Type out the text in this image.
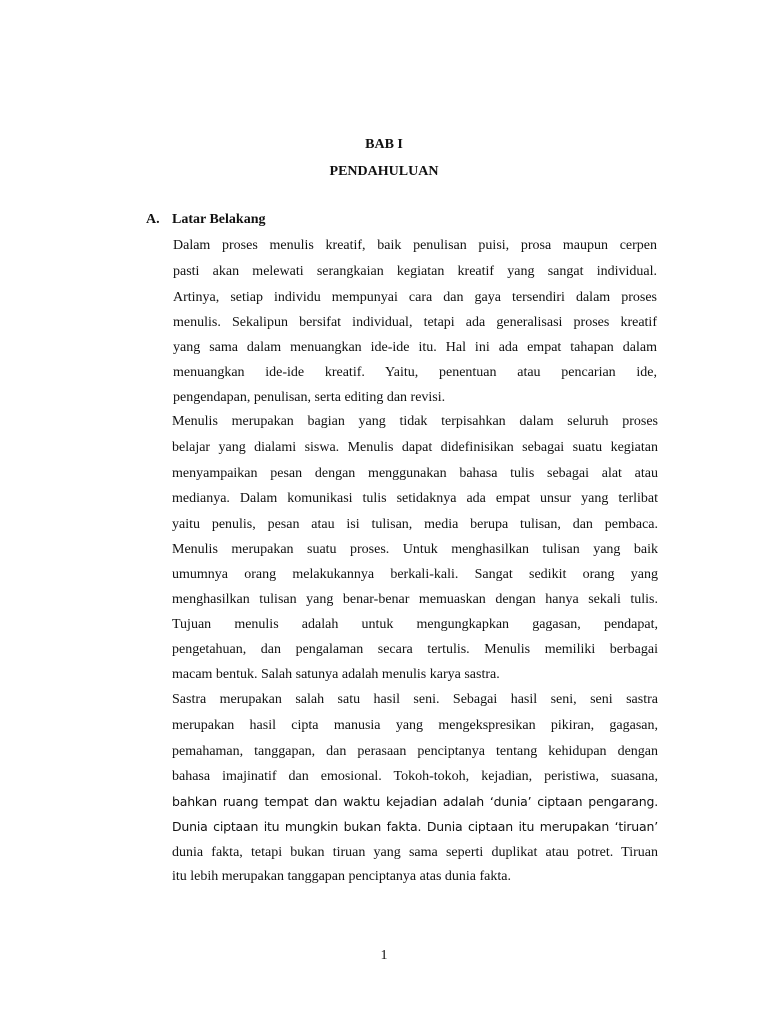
BAB I
PENDAHULUAN
A. Latar Belakang

Dalam proses menulis kreatif, baik penulisan puisi, prosa maupun cerpen

pasti akan melewati serangkaian kegiatan kreatif yang sangat individual.

Artinya, setiap individu mempunyai cara dan gaya tersendiri dalam proses

menulis. Sekalipun bersifat individual, tetapi ada generalisasi proses kreatif

yang sama dalam menuangkan ide-ide itu. Hal ini ada empat tahapan dalam

menuangkan ide-ide kreatif. Yaitu, penentuan atau pencarian ide,

pengendapan, penulisan, serta editing dan revisi.

Menulis merupakan bagian yang tidak terpisahkan dalam seluruh proses

belajar yang dialami siswa. Menulis dapat didefinisikan sebagai suatu kegiatan

menyampaikan pesan dengan menggunakan bahasa tulis sebagai alat atau

medianya. Dalam komunikasi tulis setidaknya ada empat unsur yang terlibat

yaitu penulis, pesan atau isi tulisan, media berupa tulisan, dan pembaca.

Menulis merupakan suatu proses. Untuk menghasilkan tulisan yang baik

umumnya orang melakukannya berkali-kali. Sangat sedikit orang yang

menghasilkan tulisan yang benar-benar memuaskan dengan hanya sekali tulis.

Tujuan menulis adalah untuk mengungkapkan gagasan, pendapat,

pengetahuan, dan pengalaman secara tertulis. Menulis memiliki berbagai

macam bentuk. Salah satunya adalah menulis karya sastra.

Sastra merupakan salah satu hasil seni. Sebagai hasil seni, seni sastra

merupakan hasil cipta manusia yang mengekspresikan pikiran, gagasan,

pemahaman, tanggapan, dan perasaan penciptanya tentang kehidupan dengan

bahasa imajinatif dan emosional. Tokoh-tokoh, kejadian, peristiwa, suasana,

bahkan ruang tempat dan waktu kejadian adalah ‘dunia’ ciptaan pengarang.

Dunia ciptaan itu mungkin bukan fakta. Dunia ciptaan itu merupakan ‘tiruan’

dunia fakta, tetapi bukan tiruan yang sama seperti duplikat atau potret. Tiruan

itu lebih merupakan tanggapan penciptanya atas dunia fakta.

1
